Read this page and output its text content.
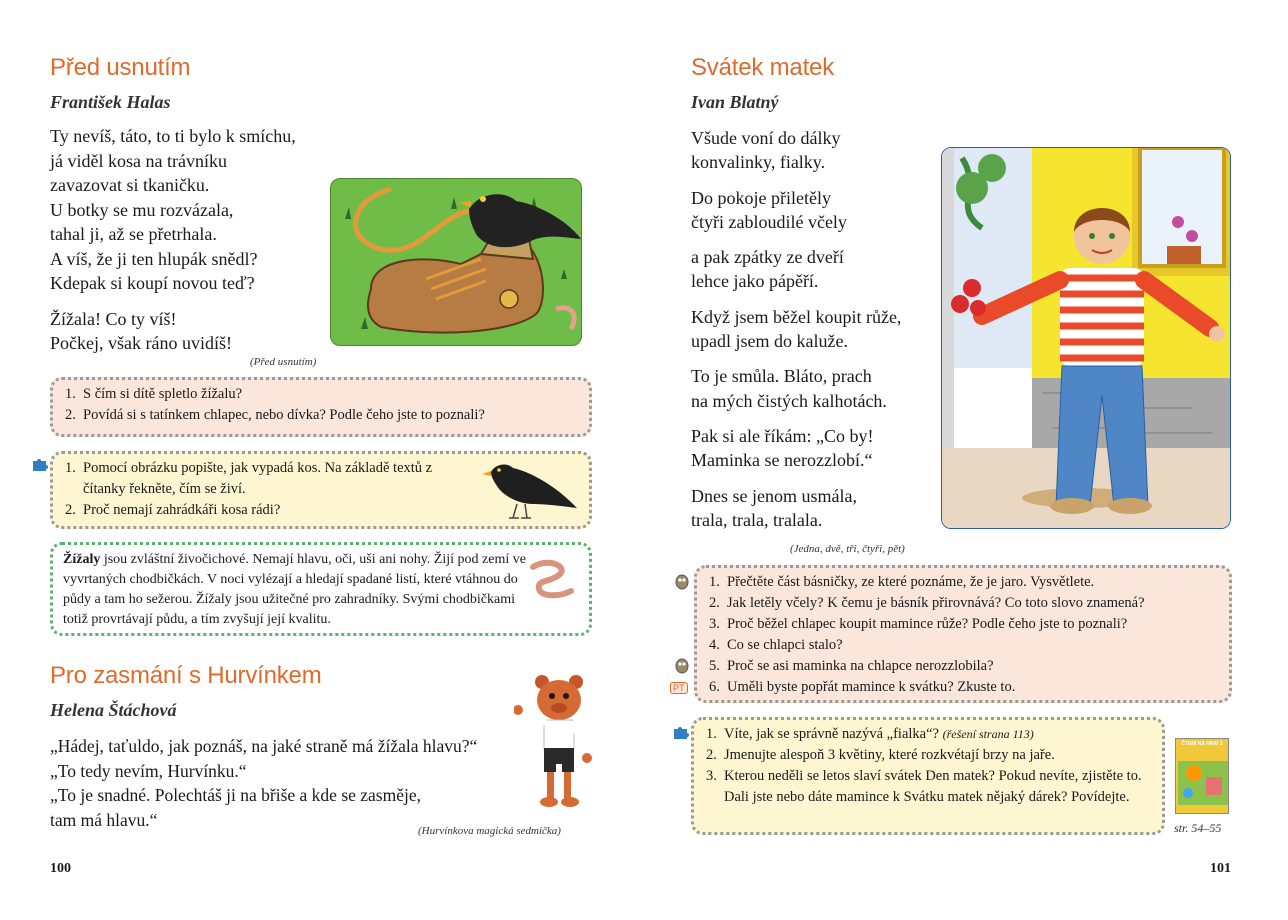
Před usnutím
František Halas
Ty nevíš, táto, to ti bylo k smíchu,
já viděl kosa na trávníku
zavazovat si tkaničku.
U botky se mu rozvázala,
tahal ji, až se přetrhala.
A víš, že ji ten hlupák snědl?
Kdepak si koupí novou teď?
Žížala! Co ty víš!
Počkej, však ráno uvidíš!
(Před usnutím)
1. S čím si dítě spletlo žížalu?
2. Povídá si s tatínkem chlapec, nebo dívka? Podle čeho jste to poznali?
1. Pomocí obrázku popište, jak vypadá kos. Na základě textů z čítanky řekněte, čím se živí.
2. Proč nemají zahrádkáři kosa rádi?
Žížaly jsou zvláštní živočichové. Nemají hlavu, oči, uši ani nohy. Žijí pod zemí ve vyvrtaných chodbičkách. V noci vylézají a hledají spadané listí, které vtáhnou do půdy a tam ho sežerou. Žížaly jsou užitečné pro zahradníky. Svými chodbičkami totiž provrtávají půdu, a tím zvyšují její kvalitu.
Pro zasmání s Hurvínkem
Helena Štáchová
„Hádej, taťuldo, jak poznáš, na jaké straně má žížala hlavu?“
„To tedy nevím, Hurvínku.“
„To je snadné. Polechtáš ji na břiše a kde se zasměje,
tam má hlavu.“
(Hurvínkova magická sedmička)
100
Svátek matek
Ivan Blatný
Všude voní do dálky
konvalinky, fialky.
Do pokoje přiletěly
čtyři zabloudilé včely
a pak zpátky ze dveří
lehce jako pápěří.
Když jsem běžel koupit růže,
upadl jsem do kaluže.
To je smůla. Bláto, prach
na mých čistých kalhotách.
Pak si ale říkám: „Co by!
Maminka se nerozzlobí.“
Dnes se jenom usmála,
trala, trala, tralala.
(Jedna, dvě, tři, čtyři, pět)
PT
1. Přečtěte část básničky, ze které poznáme, že je jaro. Vysvětlete.
2. Jak letěly včely? K čemu je básník přirovnává? Co toto slovo znamená?
3. Proč běžel chlapec koupit mamince růže? Podle čeho jste to poznali?
4. Co se chlapci stalo?
5. Proč se asi maminka na chlapce nerozzlobila?
6. Uměli byste popřát mamince k svátku? Zkuste to.
1. Víte, jak se správně nazývá „fialka“? (řešení strana 113)
2. Jmenujte alespoň 3 květiny, které rozkvétají brzy na jaře.
3. Kterou neděli se letos slaví svátek Den matek? Pokud nevíte, zjistěte to. Dali jste nebo dáte mamince k Svátku matek nějaký dárek? Povídejte.
ČTENÍ NA HRAÍ 2
str. 54–55
101
